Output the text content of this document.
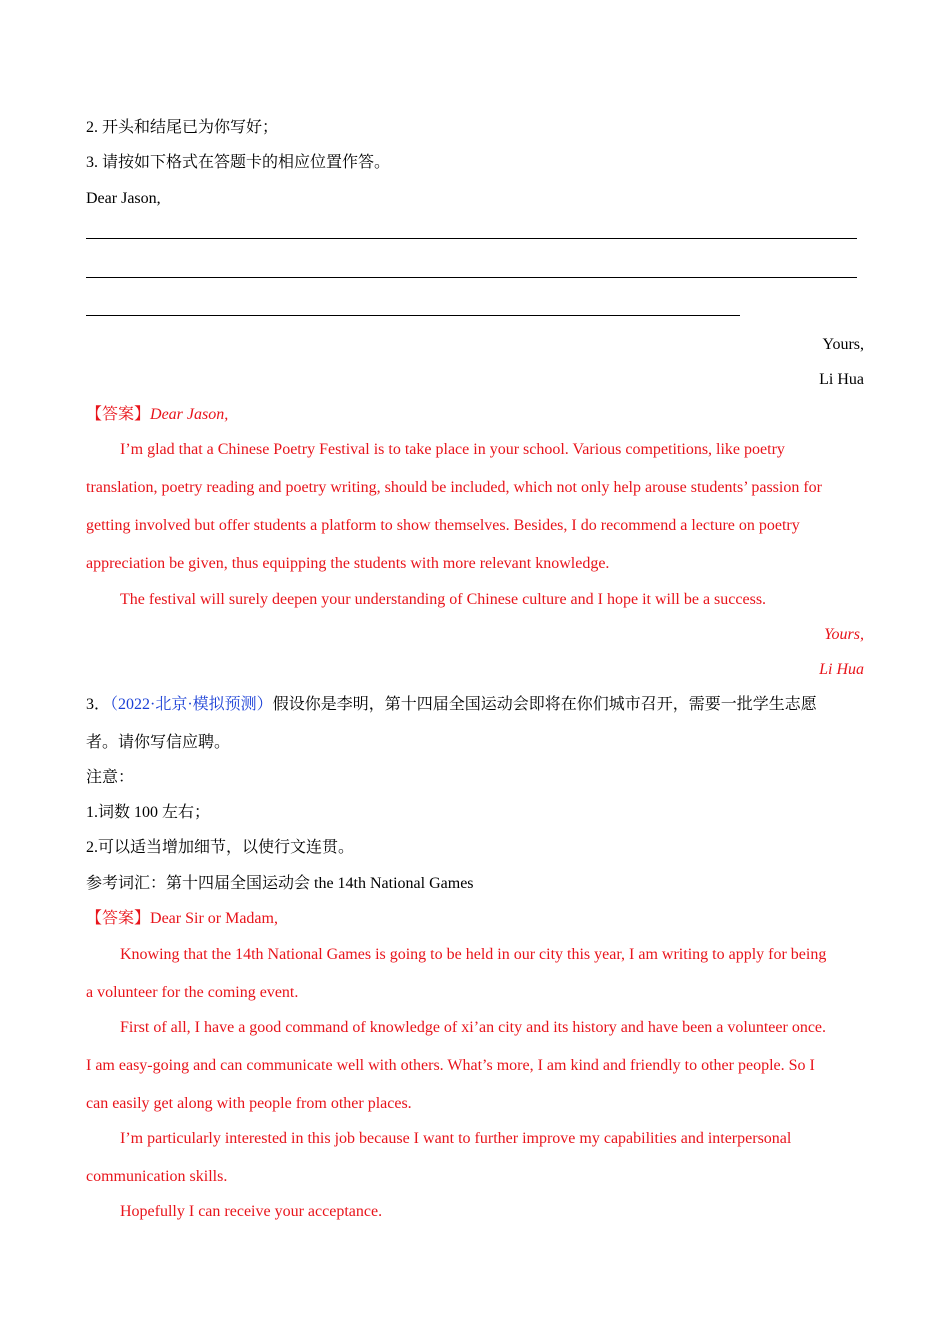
2. 开头和结尾已为你写好；
3. 请按如下格式在答题卡的相应位置作答。
Dear Jason,
Yours,
Li Hua
【答案】Dear Jason,
I’m glad that a Chinese Poetry Festival is to take place in your school. Various competitions, like poetry
translation, poetry reading and poetry writing, should be included, which not only help arouse students’ passion for
getting involved but offer students a platform to show themselves. Besides, I do recommend a lecture on poetry
appreciation be given, thus equipping the students with more relevant knowledge.
The festival will surely deepen your understanding of Chinese culture and I hope it will be a success.
Yours,
Li Hua
3．（2022·北京·模拟预测）假设你是李明，第十四届全国运动会即将在你们城市召开，需要一批学生志愿
者。请你写信应聘。
注意：
1.词数 100 左右；
2.可以适当增加细节，以使行文连贯。
参考词汇：第十四届全国运动会 the 14th National Games
【答案】Dear Sir or Madam,
Knowing that the 14th National Games is going to be held in our city this year, I am writing to apply for being
a volunteer for the coming event.
First of all, I have a good command of knowledge of xi’an city and its history and have been a volunteer once.
I am easy-going and can communicate well with others. What’s more, I am kind and friendly to other people. So I
can easily get along with people from other places.
I’m particularly interested in this job because I want to further improve my capabilities and interpersonal
communication skills.
Hopefully I can receive your acceptance.
